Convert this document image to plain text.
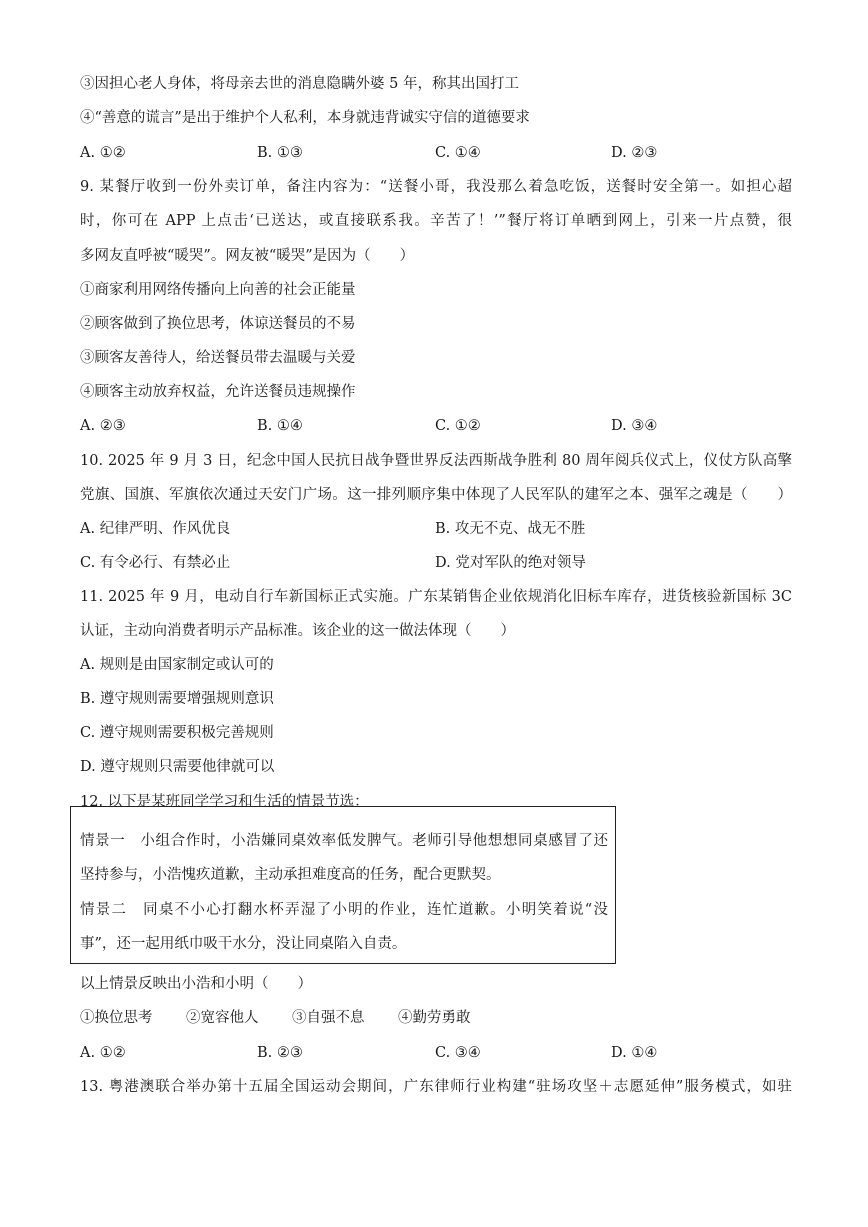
③因担心老人身体，将母亲去世的消息隐瞒外婆 5 年，称其出国打工
④“善意的谎言”是出于维护个人私利，本身就违背诚实守信的道德要求
A. ①②	B. ①③	C. ①④	D. ②③
9. 某餐厅收到一份外卖订单，备注内容为：“送餐小哥，我没那么着急吃饭，送餐时安全第一。如担心超
时，你可在 APP 上点击‘已送达，或直接联系我。辛苦了！’”餐厅将订单晒到网上，引来一片点赞，很
多网友直呼被“暖哭”。网友被“暖哭”是因为（　　）
①商家利用网络传播向上向善的社会正能量
②顾客做到了换位思考，体谅送餐员的不易
③顾客友善待人，给送餐员带去温暖与关爱
④顾客主动放弃权益，允许送餐员违规操作
A. ②③	B. ①④	C. ①②	D. ③④
10. 2025 年 9 月 3 日，纪念中国人民抗日战争暨世界反法西斯战争胜利 80 周年阅兵仪式上，仪仗方队高擎
党旗、国旗、军旗依次通过天安门广场。这一排列顺序集中体现了人民军队的建军之本、强军之魂是（　　）
A. 纪律严明、作风优良	B. 攻无不克、战无不胜
C. 有令必行、有禁必止	D. 党对军队的绝对领导
11. 2025 年 9 月，电动自行车新国标正式实施。广东某销售企业依规消化旧标车库存，进货核验新国标 3C
认证，主动向消费者明示产品标准。该企业的这一做法体现（　　）
A. 规则是由国家制定或认可的
B. 遵守规则需要增强规则意识
C. 遵守规则需要积极完善规则
D. 遵守规则只需要他律就可以
12. 以下是某班同学学习和生活的情景节选：
情景一　小组合作时，小浩嫌同桌效率低发脾气。老师引导他想想同桌感冒了还
坚持参与，小浩愧疚道歉，主动承担难度高的任务，配合更默契。
情景二　同桌不小心打翻水杯弄湿了小明的作业，连忙道歉。小明笑着说“没
事”，还一起用纸巾吸干水分，没让同桌陷入自责。
以上情景反映出小浩和小明（　　）
①换位思考 ②宽容他人 ③自强不息 ④勤劳勇敢
A. ①②	B. ②③	C. ③④	D. ①④
13. 粤港澳联合举办第十五届全国运动会期间，广东律师行业构建“驻场攻坚＋志愿延伸”服务模式，如驻
